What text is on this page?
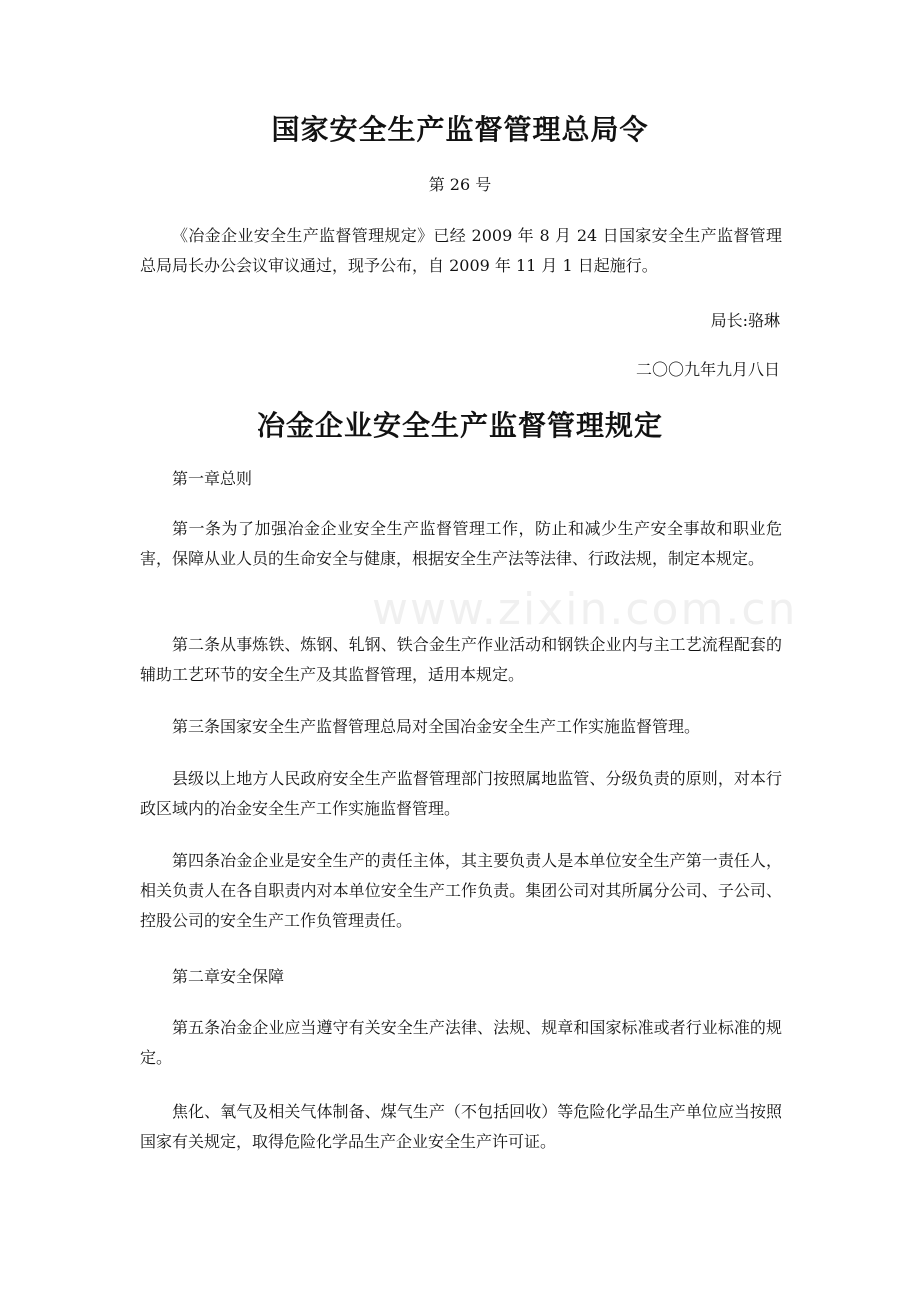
国家安全生产监督管理总局令

第 26 号

《冶金企业安全生产监督管理规定》已经 2009 年 8 月 24 日国家安全生产监督管理总局局长办公会议审议通过，现予公布，自 2009 年 11 月 1 日起施行。

局长:骆琳

二〇〇九年九月八日

冶金企业安全生产监督管理规定

第一章总则

第一条为了加强冶金企业安全生产监督管理工作，防止和减少生产安全事故和职业危害，保障从业人员的生命安全与健康，根据安全生产法等法律、行政法规，制定本规定。

第二条从事炼铁、炼钢、轧钢、铁合金生产作业活动和钢铁企业内与主工艺流程配套的辅助工艺环节的安全生产及其监督管理，适用本规定。

第三条国家安全生产监督管理总局对全国冶金安全生产工作实施监督管理。

县级以上地方人民政府安全生产监督管理部门按照属地监管、分级负责的原则，对本行政区域内的冶金安全生产工作实施监督管理。

第四条冶金企业是安全生产的责任主体，其主要负责人是本单位安全生产第一责任人，相关负责人在各自职责内对本单位安全生产工作负责。集团公司对其所属分公司、子公司、控股公司的安全生产工作负管理责任。

第二章安全保障

第五条冶金企业应当遵守有关安全生产法律、法规、规章和国家标准或者行业标准的规定。

焦化、氧气及相关气体制备、煤气生产（不包括回收）等危险化学品生产单位应当按照国家有关规定，取得危险化学品生产企业安全生产许可证。

www.zixin.com.cn
